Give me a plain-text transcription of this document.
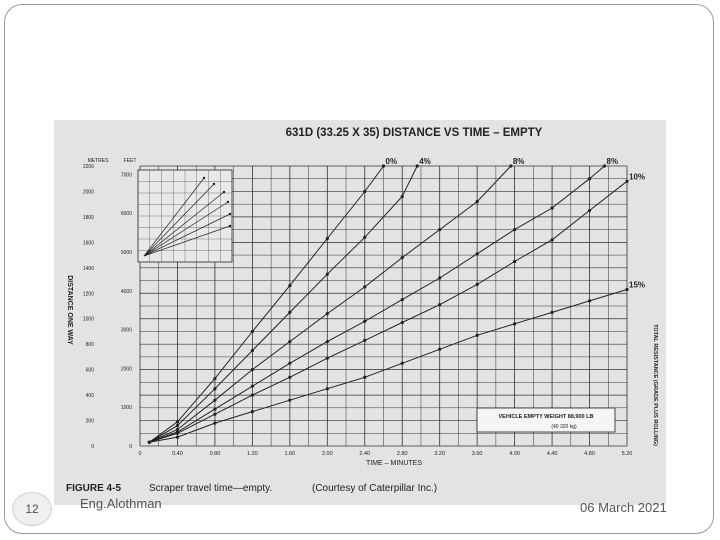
631D (33.25 X 35) DISTANCE VS TIME – EMPTY
METRES	FEET
DISTANCE ONE WAY
TIME – MINUTES
TOTAL RESISTANCE (GRADE PLUS ROLLING)
0%	4%	8%	8%
10%
15%
0	0.40	0.80	1.20	1.60	2.00	2.40	2.80	3.20	3.60	4.00	4.40	4.80	5.20
0
200
400
600
800
1000
1200
1400
1600
1800
2000
2200
0
1000
2000
3000
4000
5000
6000
7000
VEHICLE EMPTY WEIGHT 88,900 LB
(40 320 kg)
FIGURE 4-5	Scraper travel time—empty.	(Courtesy of Caterpillar Inc.)
12	Eng.Alothman	06 March 2021
